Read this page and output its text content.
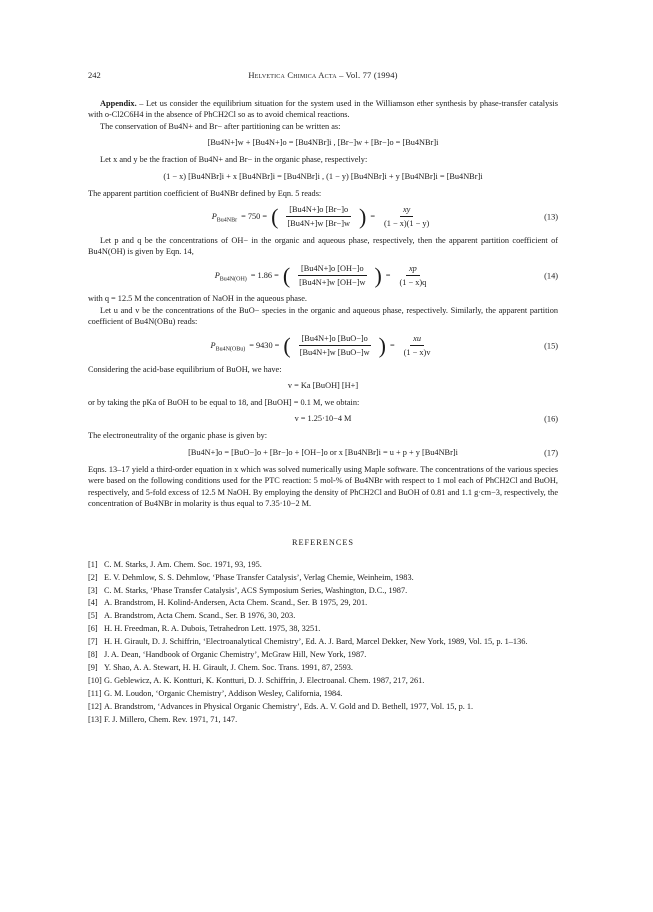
242	Helvetica Chimica Acta – Vol. 77 (1994)

Appendix. – Let us consider the equilibrium situation for the system used in the Williamson ether synthesis by phase-transfer catalysis with o-Cl2C6H4 in the absence of PhCH2Cl so as to avoid chemical reactions.

The conservation of Bu4N+ and Br− after partitioning can be written as:

[Bu4N+]w + [Bu4N+]o = [Bu4NBr]i , [Br−]w + [Br−]o = [Bu4NBr]i

Let x and y be the fraction of Bu4N+ and Br− in the organic phase, respectively:

(1 − x) [Bu4NBr]i + x [Bu4NBr]i = [Bu4NBr]i , (1 − y) [Bu4NBr]i + y [Bu4NBr]i = [Bu4NBr]i

The apparent partition coefficient of Bu4NBr defined by Eqn. 5 reads:

$P_{Bu4NBr} = 750$ = ( $\frac{[Bu4N+]o [Br-]o}{[Bu4N+]w [Br-]w}$ ) = $\frac{xy}{(1 - x)(1 - y)}$	(13)

Let p and q be the concentrations of OH− in the organic and aqueous phase, respectively, then the apparent partition coefficient of Bu4N(OH) is given by Eqn. 14,

$P_{Bu4N(OH)} = 1.86$ = ( $\frac{[Bu4N+]o [OH-]o}{[Bu4N+]w [OH-]w}$ ) = $\frac{xp}{(1 - x)q}$	(14)

with q = 12.5 M the concentration of NaOH in the aqueous phase.

Let u and v be the concentrations of the BuO− species in the organic and aqueous phase, respectively. Similarly, the apparent partition coefficient of Bu4N(OBu) reads:

$P_{Bu4N(OBu)} = 9430$ = ( $\frac{\text{[Bu4N+]o [BuO−]o}}{\text{[Bu4N+]w [BuO−]w}}$ ) = $\frac{xu}{(1 - x)v}$	(15)

Considering the acid-base equilibrium of BuOH, we have:

v = Ka [BuOH] [H+]

or by taking the pKa of BuOH to be equal to 18, and [BuOH] = 0.1 M, we obtain:

v = 1.25·10−4 M	(16)

The electroneutrality of the organic phase is given by:

[Bu4N+]o = [BuO−]o + [Br−]o + [OH−]o or x [Bu4NBr]i = u + p + y [Bu4NBr]i	(17)

Eqns. 13–17 yield a third-order equation in x which was solved numerically using Maple software. The concentrations of the various species were based on the following conditions used for the PTC reaction: 5 mol-% of Bu4NBr with respect to 1 mol each of PhCH2Cl and BuOH, respectively, and 5-fold excess of 12.5 M NaOH. By employing the density of PhCH2Cl and BuOH of 0.81 and 1.1 g·cm−3, respectively, the concentration of Bu4NBr in molarity is thus equal to 7.35·10−2 M.

REFERENCES
[1] C. M. Starks, J. Am. Chem. Soc. 1971, 93, 195.
[2] E. V. Dehmlow, S. S. Dehmlow, ‘Phase Transfer Catalysis’, Verlag Chemie, Weinheim, 1983.
[3] C. M. Starks, ‘Phase Transfer Catalysis’, ACS Symposium Series, Washington, D.C., 1987.
[4] A. Brandstrom, H. Kolind-Andersen, Acta Chem. Scand., Ser. B 1975, 29, 201.
[5] A. Brandstrom, Acta Chem. Scand., Ser. B 1976, 30, 203.
[6] H. H. Freedman, R. A. Dubois, Tetrahedron Lett. 1975, 38, 3251.
[7] H. H. Girault, D. J. Schiffrin, ‘Electroanalytical Chemistry’, Ed. A. J. Bard, Marcel Dekker, New York, 1989, Vol. 15, p. 1–136.
[8] J. A. Dean, ‘Handbook of Organic Chemistry’, McGraw Hill, New York, 1987.
[9] Y. Shao, A. A. Stewart, H. H. Girault, J. Chem. Soc. Trans. 1991, 87, 2593.
[10] G. Geblewicz, A. K. Kontturi, K. Kontturi, D. J. Schiffrin, J. Electroanal. Chem. 1987, 217, 261.
[11] G. M. Loudon, ‘Organic Chemistry’, Addison Wesley, California, 1984.
[12] A. Brandstrom, ‘Advances in Physical Organic Chemistry’, Eds. A. V. Gold and D. Bethell, 1977, Vol. 15, p. 1.
[13] F. J. Millero, Chem. Rev. 1971, 71, 147.
